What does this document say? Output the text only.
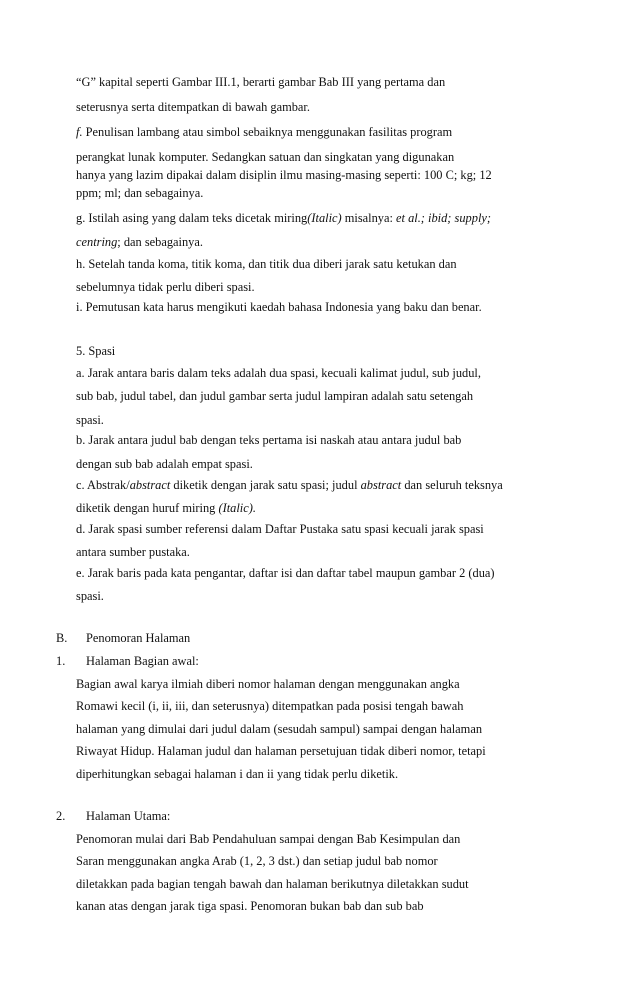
“G” kapital seperti Gambar III.1, berarti gambar Bab III yang pertama dan
seterusnya serta ditempatkan di bawah gambar.
f. Penulisan lambang atau simbol sebaiknya menggunakan fasilitas program
perangkat lunak komputer. Sedangkan satuan dan singkatan yang digunakan
hanya yang lazim dipakai dalam disiplin ilmu masing-masing seperti: 100 C; kg; 12
ppm; ml; dan sebagainya.
g. Istilah asing yang dalam teks dicetak miring(Italic) misalnya: et al.; ibid; supply;
centring; dan sebagainya.
h. Setelah tanda koma, titik koma, dan titik dua diberi jarak satu ketukan dan
sebelumnya tidak perlu diberi spasi.
i. Pemutusan kata harus mengikuti kaedah bahasa Indonesia yang baku dan benar.
5. Spasi
a. Jarak antara baris dalam teks adalah dua spasi, kecuali kalimat judul, sub judul,
sub bab, judul tabel, dan judul gambar serta judul lampiran adalah satu setengah
spasi.
b. Jarak antara judul bab dengan teks pertama isi naskah atau antara judul bab
dengan sub bab adalah empat spasi.
c. Abstrak/abstract diketik dengan jarak satu spasi; judul abstract dan seluruh teksnya
diketik dengan huruf miring (Italic).
d. Jarak spasi sumber referensi dalam Daftar Pustaka satu spasi kecuali jarak spasi
antara sumber pustaka.
e. Jarak baris pada kata pengantar, daftar isi dan daftar tabel maupun gambar 2 (dua)
spasi.
B. Penomoran Halaman
1. Halaman Bagian awal:
Bagian awal karya ilmiah diberi nomor halaman dengan menggunakan angka
Romawi kecil (i, ii, iii, dan seterusnya) ditempatkan pada posisi tengah bawah
halaman yang dimulai dari judul dalam (sesudah sampul) sampai dengan halaman
Riwayat Hidup. Halaman judul dan halaman persetujuan tidak diberi nomor, tetapi
diperhitungkan sebagai halaman i dan ii yang tidak perlu diketik.
2. Halaman Utama:
Penomoran mulai dari Bab Pendahuluan sampai dengan Bab Kesimpulan dan
Saran menggunakan angka Arab (1, 2, 3 dst.) dan setiap judul bab nomor
diletakkan pada bagian tengah bawah dan halaman berikutnya diletakkan sudut
kanan atas dengan jarak tiga spasi. Penomoran bukan bab dan sub bab
